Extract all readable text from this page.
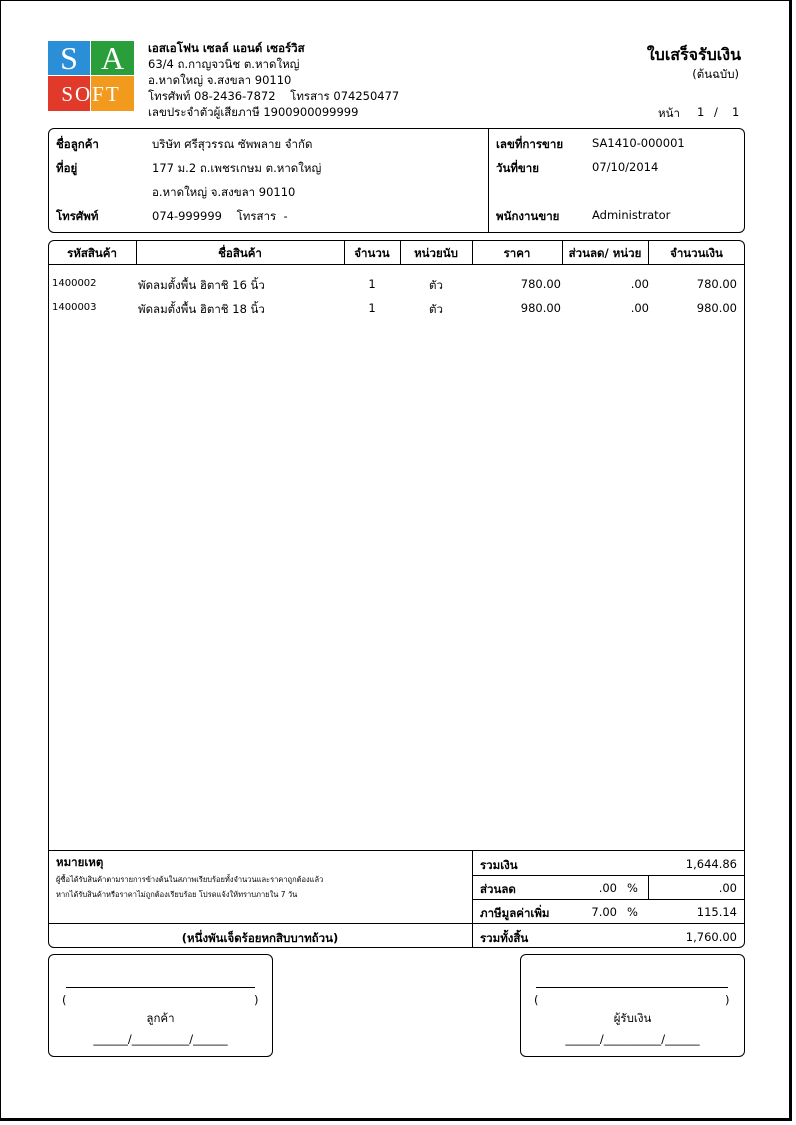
S A
SOFT
เอสเอโฟน เซลล์ แอนด์ เซอร์วิส
63/4 ถ.กาญจวนิช ต.หาดใหญ่
อ.หาดใหญ่ จ.สงขลา 90110
โทรศัพท์ 08-2436-7872    โทรสาร 074250477
เลขประจำตัวผู้เสียภาษี 1900900099999
ใบเสร็จรับเงิน
(ต้นฉบับ)
หน้า 1 / 1
ชื่อลูกค้า	บริษัท ศรีสุวรรณ ซัพพลาย จำกัด
ที่อยู่	177 ม.2 ถ.เพชรเกษม ต.หาดใหญ่
อ.หาดใหญ่ จ.สงขลา 90110
โทรศัพท์	074-999999    โทรสาร  -
เลขที่การขาย	SA1410-000001
วันที่ขาย	07/10/2014
พนักงานขาย	Administrator
รหัสสินค้า	ชื่อสินค้า	จำนวน	หน่วยนับ	ราคา	ส่วนลด/ หน่วย	จำนวนเงิน
1400002	พัดลมตั้งพื้น ฮิตาชิ 16 นิ้ว	1	ตัว	780.00	.00	780.00
1400003	พัดลมตั้งพื้น ฮิตาชิ 18 นิ้ว	1	ตัว	980.00	.00	980.00
หมายเหตุ
ผู้ซื้อได้รับสินค้าตามรายการข้างต้นในสภาพเรียบร้อยทั้งจำนวนและราคาถูกต้องแล้ว
หากได้รับสินค้าหรือราคาไม่ถูกต้องเรียบร้อย โปรดแจ้งให้ทราบภายใน 7 วัน
รวมเงิน	1,644.86
ส่วนลด	.00 %	.00
ภาษีมูลค่าเพิ่ม	7.00 %	115.14
รวมทั้งสิ้น	1,760.00
(หนึ่งพันเจ็ดร้อยหกสิบบาทถ้วน)
(	)
ลูกค้า
______/__________/______
(	)
ผู้รับเงิน
______/__________/______
